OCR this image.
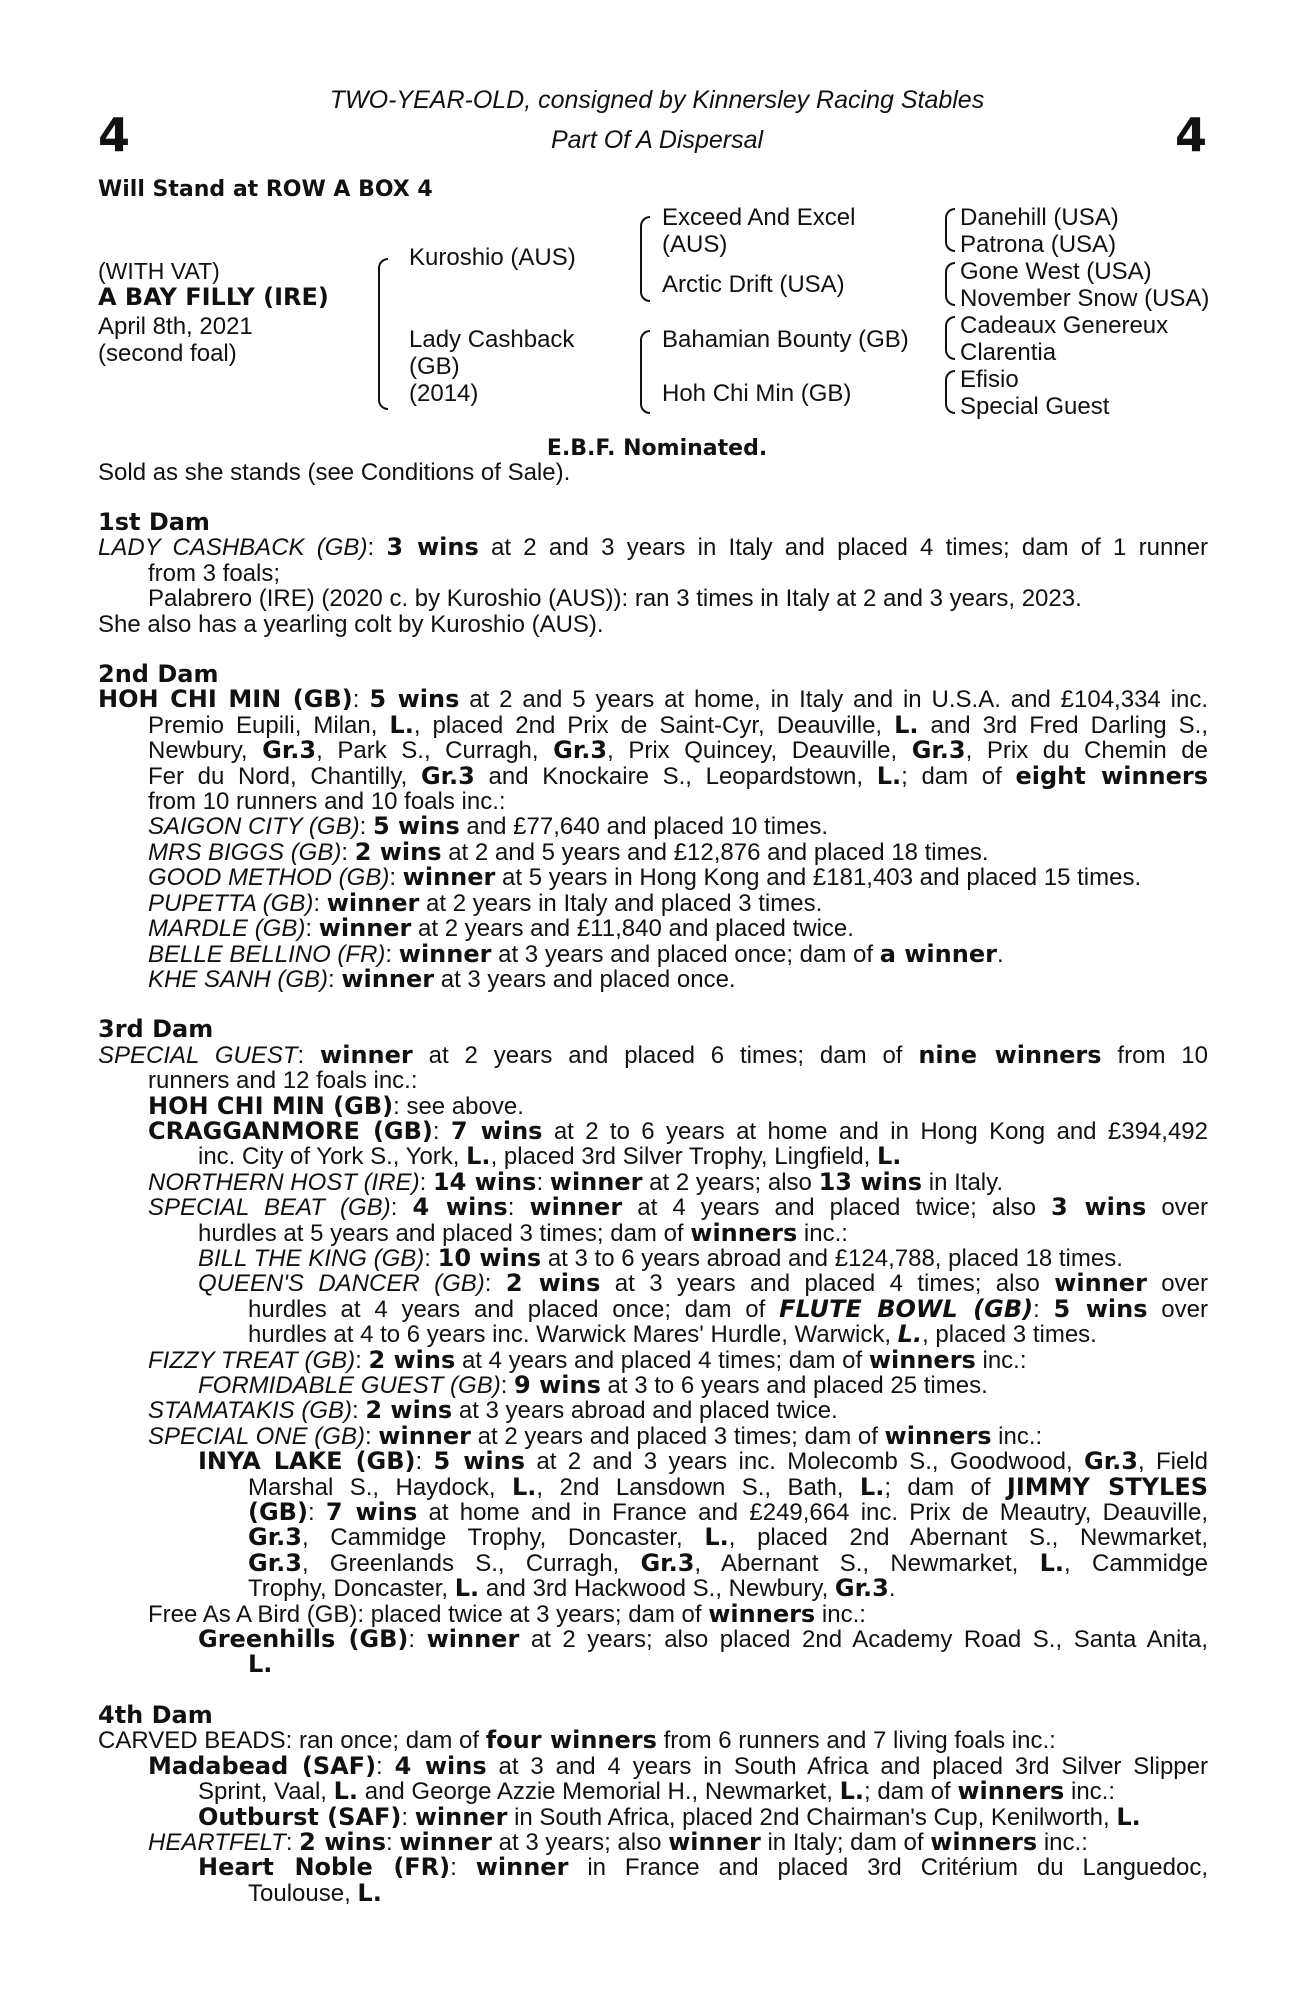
4	4
TWO-YEAR-OLD, consigned by Kinnersley Racing Stables
Part Of A Dispersal
Will Stand at ROW A BOX 4
(WITH VAT)
A BAY FILLY (IRE)
April 8th, 2021
(second foal)
Kuroshio (AUS)
Lady Cashback
(GB)
(2014)
Exceed And Excel
(AUS)
Arctic Drift (USA)
Bahamian Bounty (GB)
Hoh Chi Min (GB)
Danehill (USA)
Patrona (USA)
Gone West (USA)
November Snow (USA)
Cadeaux Genereux
Clarentia
Efisio
Special Guest
E.B.F. Nominated.
Sold as she stands (see Conditions of Sale).
1st Dam
LADY CASHBACK (GB): 3 wins at 2 and 3 years in Italy and placed 4 times; dam of 1 runner
from 3 foals;
Palabrero (IRE) (2020 c. by Kuroshio (AUS)): ran 3 times in Italy at 2 and 3 years, 2023.
She also has a yearling colt by Kuroshio (AUS).
2nd Dam
HOH CHI MIN (GB): 5 wins at 2 and 5 years at home, in Italy and in U.S.A. and £104,334 inc.
Premio Eupili, Milan, L., placed 2nd Prix de Saint-Cyr, Deauville, L. and 3rd Fred Darling S.,
Newbury, Gr.3, Park S., Curragh, Gr.3, Prix Quincey, Deauville, Gr.3, Prix du Chemin de
Fer du Nord, Chantilly, Gr.3 and Knockaire S., Leopardstown, L.; dam of eight winners
from 10 runners and 10 foals inc.:
SAIGON CITY (GB): 5 wins and £77,640 and placed 10 times.
MRS BIGGS (GB): 2 wins at 2 and 5 years and £12,876 and placed 18 times.
GOOD METHOD (GB): winner at 5 years in Hong Kong and £181,403 and placed 15 times.
PUPETTA (GB): winner at 2 years in Italy and placed 3 times.
MARDLE (GB): winner at 2 years and £11,840 and placed twice.
BELLE BELLINO (FR): winner at 3 years and placed once; dam of a winner.
KHE SANH (GB): winner at 3 years and placed once.
3rd Dam
SPECIAL GUEST: winner at 2 years and placed 6 times; dam of nine winners from 10
runners and 12 foals inc.:
HOH CHI MIN (GB): see above.
CRAGGANMORE (GB): 7 wins at 2 to 6 years at home and in Hong Kong and £394,492
inc. City of York S., York, L., placed 3rd Silver Trophy, Lingfield, L.
NORTHERN HOST (IRE): 14 wins: winner at 2 years; also 13 wins in Italy.
SPECIAL BEAT (GB): 4 wins: winner at 4 years and placed twice; also 3 wins over
hurdles at 5 years and placed 3 times; dam of winners inc.:
BILL THE KING (GB): 10 wins at 3 to 6 years abroad and £124,788, placed 18 times.
QUEEN'S DANCER (GB): 2 wins at 3 years and placed 4 times; also winner over
hurdles at 4 years and placed once; dam of FLUTE BOWL (GB): 5 wins over
hurdles at 4 to 6 years inc. Warwick Mares' Hurdle, Warwick, L., placed 3 times.
FIZZY TREAT (GB): 2 wins at 4 years and placed 4 times; dam of winners inc.:
FORMIDABLE GUEST (GB): 9 wins at 3 to 6 years and placed 25 times.
STAMATAKIS (GB): 2 wins at 3 years abroad and placed twice.
SPECIAL ONE (GB): winner at 2 years and placed 3 times; dam of winners inc.:
INYA LAKE (GB): 5 wins at 2 and 3 years inc. Molecomb S., Goodwood, Gr.3, Field
Marshal S., Haydock, L., 2nd Lansdown S., Bath, L.; dam of JIMMY STYLES
(GB): 7 wins at home and in France and £249,664 inc. Prix de Meautry, Deauville,
Gr.3, Cammidge Trophy, Doncaster, L., placed 2nd Abernant S., Newmarket,
Gr.3, Greenlands S., Curragh, Gr.3, Abernant S., Newmarket, L., Cammidge
Trophy, Doncaster, L. and 3rd Hackwood S., Newbury, Gr.3.
Free As A Bird (GB): placed twice at 3 years; dam of winners inc.:
Greenhills (GB): winner at 2 years; also placed 2nd Academy Road S., Santa Anita,
L.
4th Dam
CARVED BEADS: ran once; dam of four winners from 6 runners and 7 living foals inc.:
Madabead (SAF): 4 wins at 3 and 4 years in South Africa and placed 3rd Silver Slipper
Sprint, Vaal, L. and George Azzie Memorial H., Newmarket, L.; dam of winners inc.:
Outburst (SAF): winner in South Africa, placed 2nd Chairman's Cup, Kenilworth, L.
HEARTFELT: 2 wins: winner at 3 years; also winner in Italy; dam of winners inc.:
Heart Noble (FR): winner in France and placed 3rd Critérium du Languedoc,
Toulouse, L.
